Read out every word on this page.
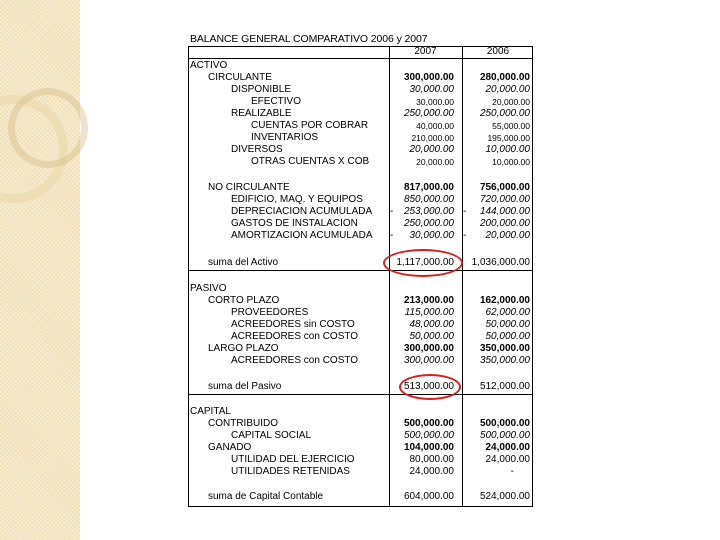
BALANCE GENERAL COMPARATIVO 2006 y 2007
2007	2006
ACTIVO
CIRCULANTE	300,000.00	280,000.00
DISPONIBLE	30,000.00	20,000.00
EFECTIVO	30,000.00	20,000.00
REALIZABLE	250,000.00	250,000.00
CUENTAS POR COBRAR	40,000.00	55,000.00
INVENTARIOS	210,000.00	195,000.00
DIVERSOS	20,000.00	10,000.00
OTRAS CUENTAS X COB	20,000.00	10,000.00
NO CIRCULANTE	817,000.00	756,000.00
EDIFICIO, MAQ. Y EQUIPOS	850,000.00	720,000.00
DEPRECIACION ACUMULADA -	253,000.00 -	144,000.00
GASTOS DE INSTALACION	250,000.00	200,000.00
AMORTIZACION ACUMULADA -	30,000.00 -	20,000.00
suma del Activo	1,117,000.00	1,036,000.00
PASIVO
CORTO PLAZO	213,000.00	162,000.00
PROVEEDORES	115,000.00	62,000.00
ACREEDORES sin COSTO	48,000.00	50,000.00
ACREEDORES con COSTO	50,000.00	50,000.00
LARGO PLAZO	300,000.00	350,000.00
ACREEDORES con COSTO	300,000.00	350,000.00
suma del Pasivo	513,000.00	512,000.00
CAPITAL
CONTRIBUIDO	500,000.00	500,000.00
CAPITAL SOCIAL	500,000.00	500,000.00
GANADO	104,000.00	24,000.00
UTILIDAD DEL EJERCICIO	80,000.00	24,000.00
UTILIDADES RETENIDAS	24,000.00	-
suma de Capital Contable	604,000.00	524,000.00
